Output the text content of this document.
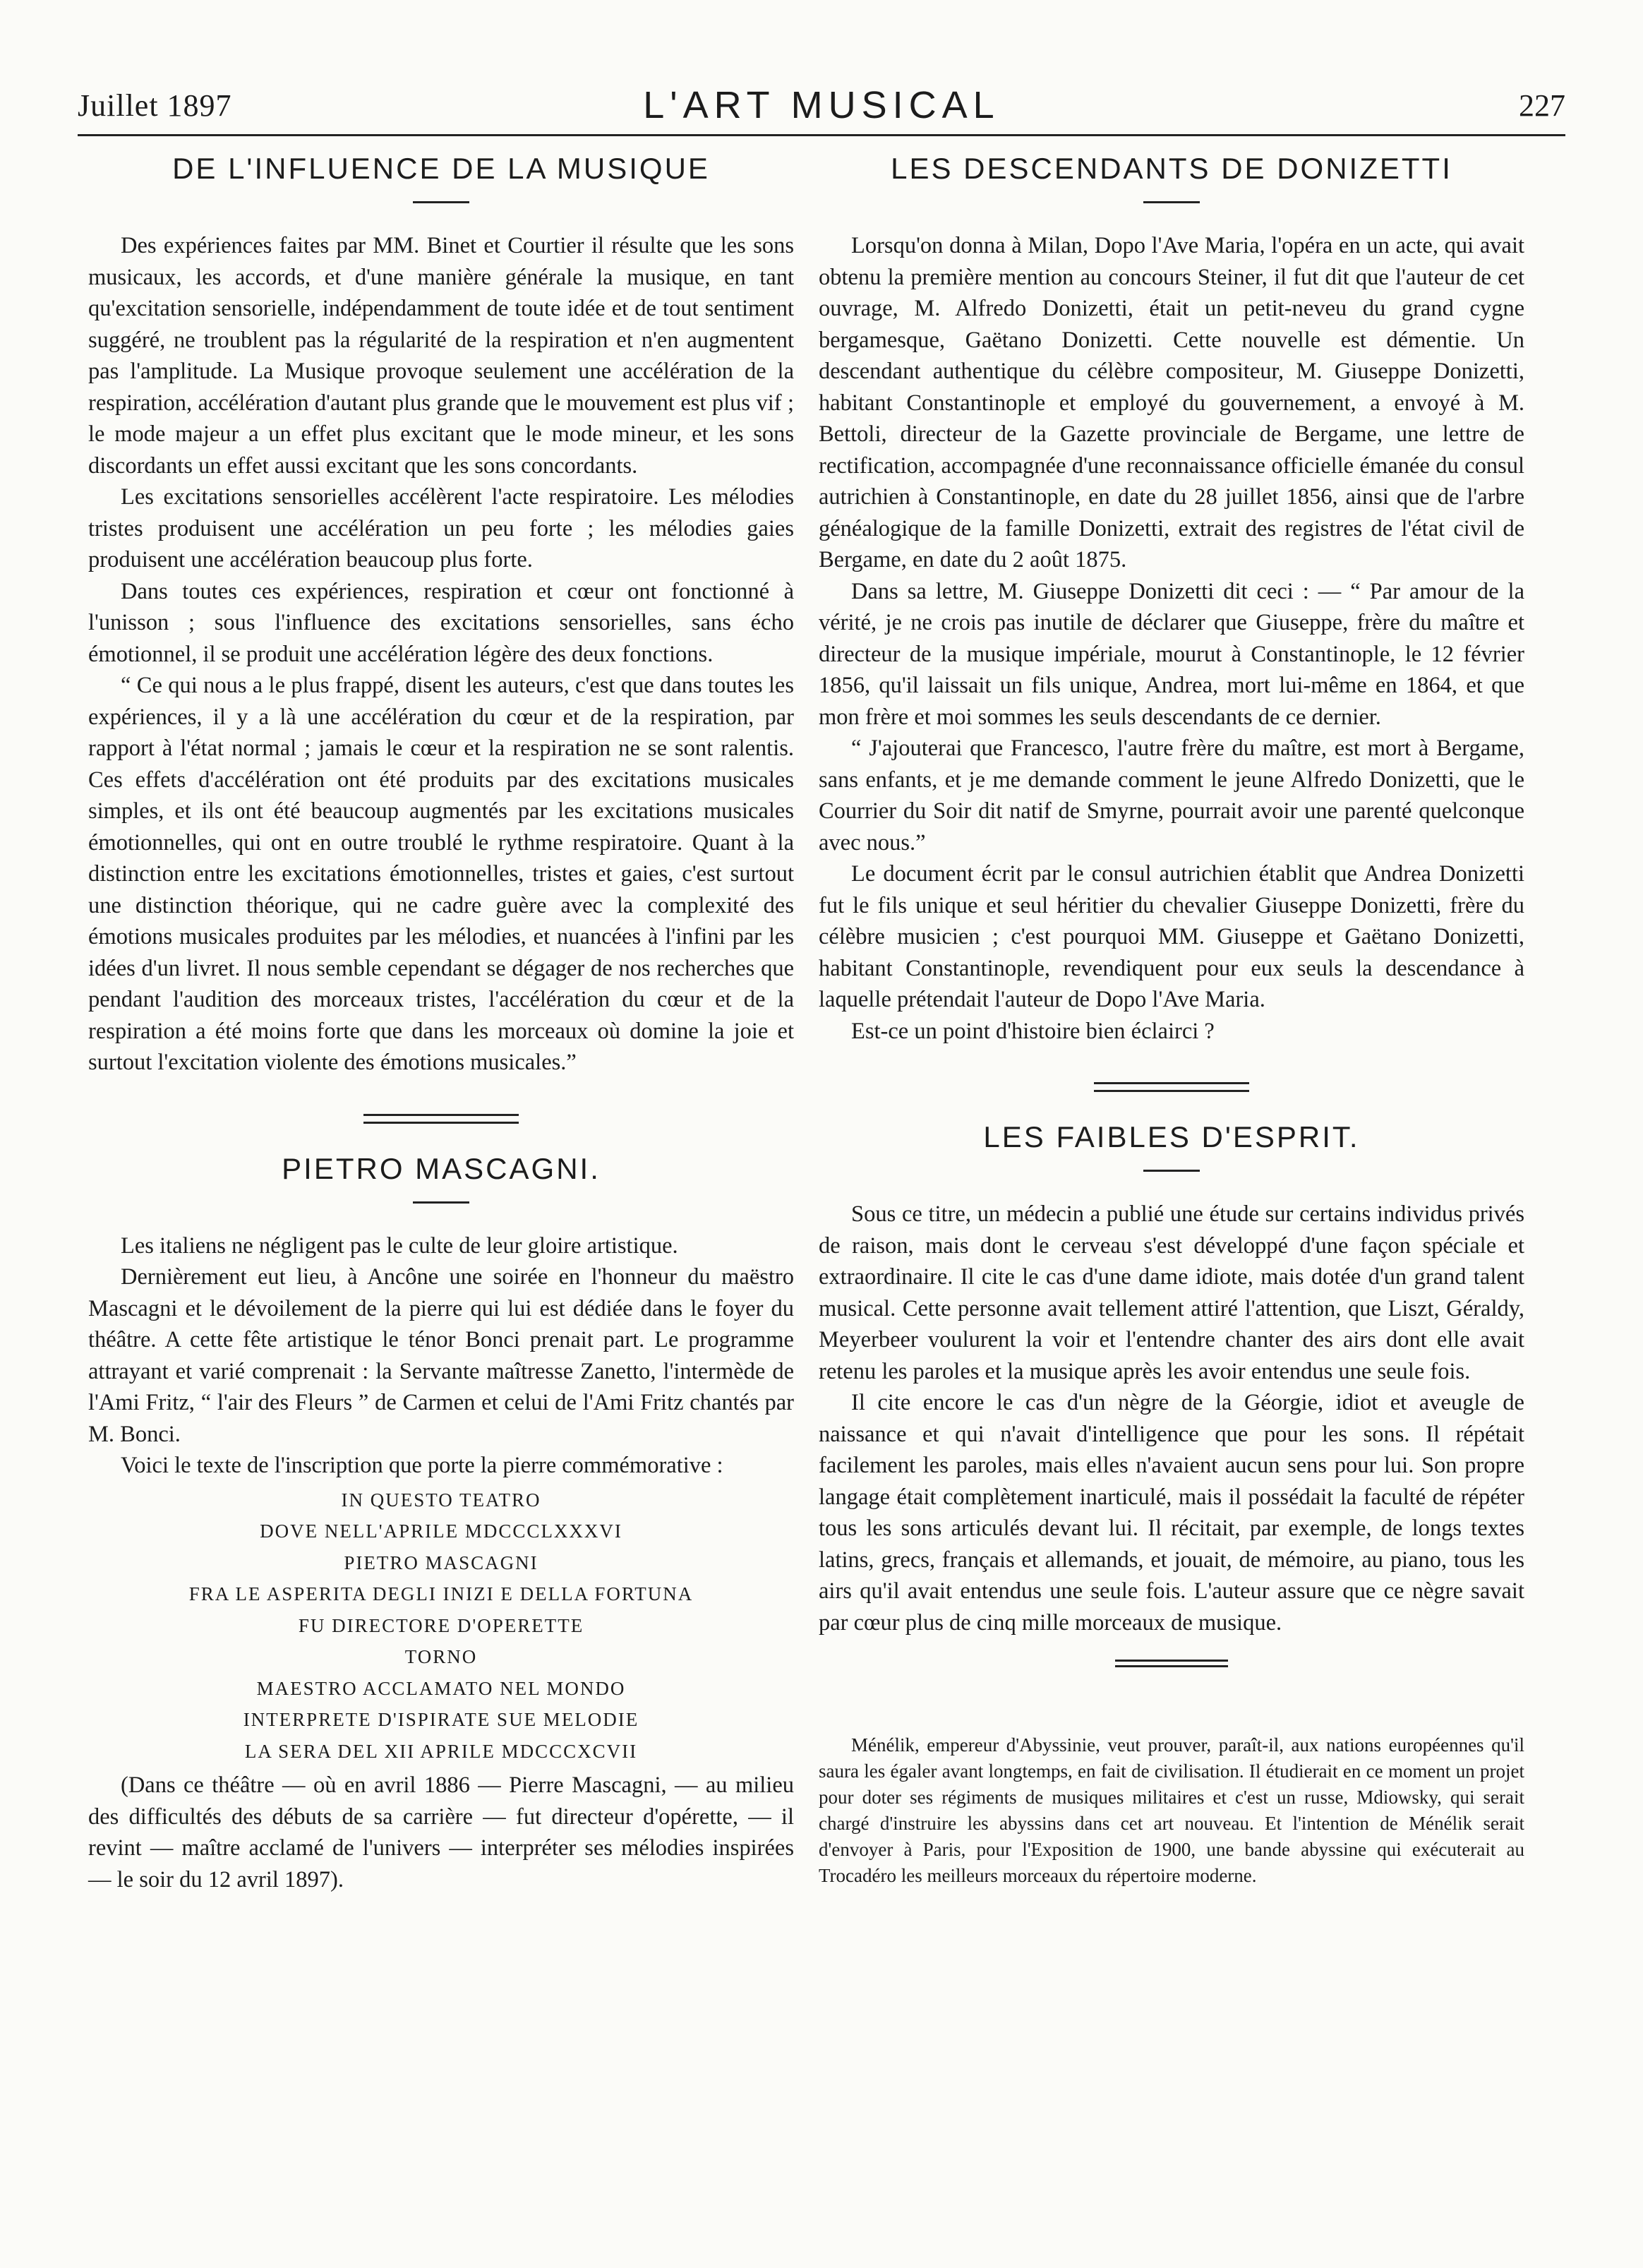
Juillet 1897	L'ART MUSICAL	227
DE L'INFLUENCE DE LA MUSIQUE

Des expériences faites par MM. Binet et Courtier il résulte que les sons musicaux, les accords, et d'une manière générale la musique, en tant qu'excitation sensorielle, indépendamment de toute idée et de tout sentiment suggéré, ne troublent pas la régularité de la respiration et n'en augmentent pas l'amplitude. La Musique provoque seulement une accélération de la respiration, accélération d'autant plus grande que le mouvement est plus vif ; le mode majeur a un effet plus excitant que le mode mineur, et les sons discordants un effet aussi excitant que les sons concordants.

Les excitations sensorielles accélèrent l'acte respiratoire. Les mélodies tristes produisent une accélération un peu forte ; les mélodies gaies produisent une accélération beaucoup plus forte.

Dans toutes ces expériences, respiration et cœur ont fonctionné à l'unisson ; sous l'influence des excitations sensorielles, sans écho émotionnel, il se produit une accélération légère des deux fonctions.

“ Ce qui nous a le plus frappé, disent les auteurs, c'est que dans toutes les expériences, il y a là une accélération du cœur et de la respiration, par rapport à l'état normal ; jamais le cœur et la respiration ne se sont ralentis. Ces effets d'accélération ont été produits par des excitations musicales simples, et ils ont été beaucoup augmentés par les excitations musicales émotionnelles, qui ont en outre troublé le rythme respiratoire. Quant à la distinction entre les excitations émotionnelles, tristes et gaies, c'est surtout une distinction théorique, qui ne cadre guère avec la complexité des émotions musicales produites par les mélodies, et nuancées à l'infini par les idées d'un livret. Il nous semble cependant se dégager de nos recherches que pendant l'audition des morceaux tristes, l'accélération du cœur et de la respiration a été moins forte que dans les morceaux où domine la joie et surtout l'excitation violente des émotions musicales.”

PIETRO MASCAGNI.

Les italiens ne négligent pas le culte de leur gloire artistique.

Dernièrement eut lieu, à Ancône une soirée en l'honneur du maëstro Mascagni et le dévoilement de la pierre qui lui est dédiée dans le foyer du théâtre. A cette fête artistique le ténor Bonci prenait part. Le programme attrayant et varié comprenait : la Servante maîtresse Zanetto, l'intermède de l'Ami Fritz, “ l'air des Fleurs ” de Carmen et celui de l'Ami Fritz chantés par M. Bonci.

Voici le texte de l'inscription que porte la pierre commémorative :

IN QUESTO TEATRO
DOVE NELL'APRILE MDCCCLXXXVI
PIETRO MASCAGNI
FRA LE ASPERITA DEGLI INIZI E DELLA FORTUNA
FU DIRECTORE D'OPERETTE
TORNO
MAESTRO ACCLAMATO NEL MONDO
INTERPRETE D'ISPIRATE SUE MELODIE
LA SERA DEL XII APRILE MDCCCXCVII

(Dans ce théâtre — où en avril 1886 — Pierre Mascagni, — au milieu des difficultés des débuts de sa carrière — fut directeur d'opérette, — il revint — maître acclamé de l'univers — interpréter ses mélodies inspirées — le soir du 12 avril 1897).

LES DESCENDANTS DE DONIZETTI

Lorsqu'on donna à Milan, Dopo l'Ave Maria, l'opéra en un acte, qui avait obtenu la première mention au concours Steiner, il fut dit que l'auteur de cet ouvrage, M. Alfredo Donizetti, était un petit-neveu du grand cygne bergamesque, Gaëtano Donizetti. Cette nouvelle est démentie. Un descendant authentique du célèbre compositeur, M. Giuseppe Donizetti, habitant Constantinople et employé du gouvernement, a envoyé à M. Bettoli, directeur de la Gazette provinciale de Bergame, une lettre de rectification, accompagnée d'une reconnaissance officielle émanée du consul autrichien à Constantinople, en date du 28 juillet 1856, ainsi que de l'arbre généalogique de la famille Donizetti, extrait des registres de l'état civil de Bergame, en date du 2 août 1875.

Dans sa lettre, M. Giuseppe Donizetti dit ceci : — “ Par amour de la vérité, je ne crois pas inutile de déclarer que Giuseppe, frère du maître et directeur de la musique impériale, mourut à Constantinople, le 12 février 1856, qu'il laissait un fils unique, Andrea, mort lui-même en 1864, et que mon frère et moi sommes les seuls descendants de ce dernier.

“ J'ajouterai que Francesco, l'autre frère du maître, est mort à Bergame, sans enfants, et je me demande comment le jeune Alfredo Donizetti, que le Courrier du Soir dit natif de Smyrne, pourrait avoir une parenté quelconque avec nous.”

Le document écrit par le consul autrichien établit que Andrea Donizetti fut le fils unique et seul héritier du chevalier Giuseppe Donizetti, frère du célèbre musicien ; c'est pourquoi MM. Giuseppe et Gaëtano Donizetti, habitant Constantinople, revendiquent pour eux seuls la descendance à laquelle prétendait l'auteur de Dopo l'Ave Maria.

Est-ce un point d'histoire bien éclairci ?

LES FAIBLES D'ESPRIT.

Sous ce titre, un médecin a publié une étude sur certains individus privés de raison, mais dont le cerveau s'est développé d'une façon spéciale et extraordinaire. Il cite le cas d'une dame idiote, mais dotée d'un grand talent musical. Cette personne avait tellement attiré l'attention, que Liszt, Géraldy, Meyerbeer voulurent la voir et l'entendre chanter des airs dont elle avait retenu les paroles et la musique après les avoir entendus une seule fois.

Il cite encore le cas d'un nègre de la Géorgie, idiot et aveugle de naissance et qui n'avait d'intelligence que pour les sons. Il répétait facilement les paroles, mais elles n'avaient aucun sens pour lui. Son propre langage était complètement inarticulé, mais il possédait la faculté de répéter tous les sons articulés devant lui. Il récitait, par exemple, de longs textes latins, grecs, français et allemands, et jouait, de mémoire, au piano, tous les airs qu'il avait entendus une seule fois. L'auteur assure que ce nègre savait par cœur plus de cinq mille morceaux de musique.

Ménélik, empereur d'Abyssinie, veut prouver, paraît-il, aux nations européennes qu'il saura les égaler avant longtemps, en fait de civilisation. Il étudierait en ce moment un projet pour doter ses régiments de musiques militaires et c'est un russe, Mdiowsky, qui serait chargé d'instruire les abyssins dans cet art nouveau. Et l'intention de Ménélik serait d'envoyer à Paris, pour l'Exposition de 1900, une bande abyssine qui exécuterait au Trocadéro les meilleurs morceaux du répertoire moderne.
